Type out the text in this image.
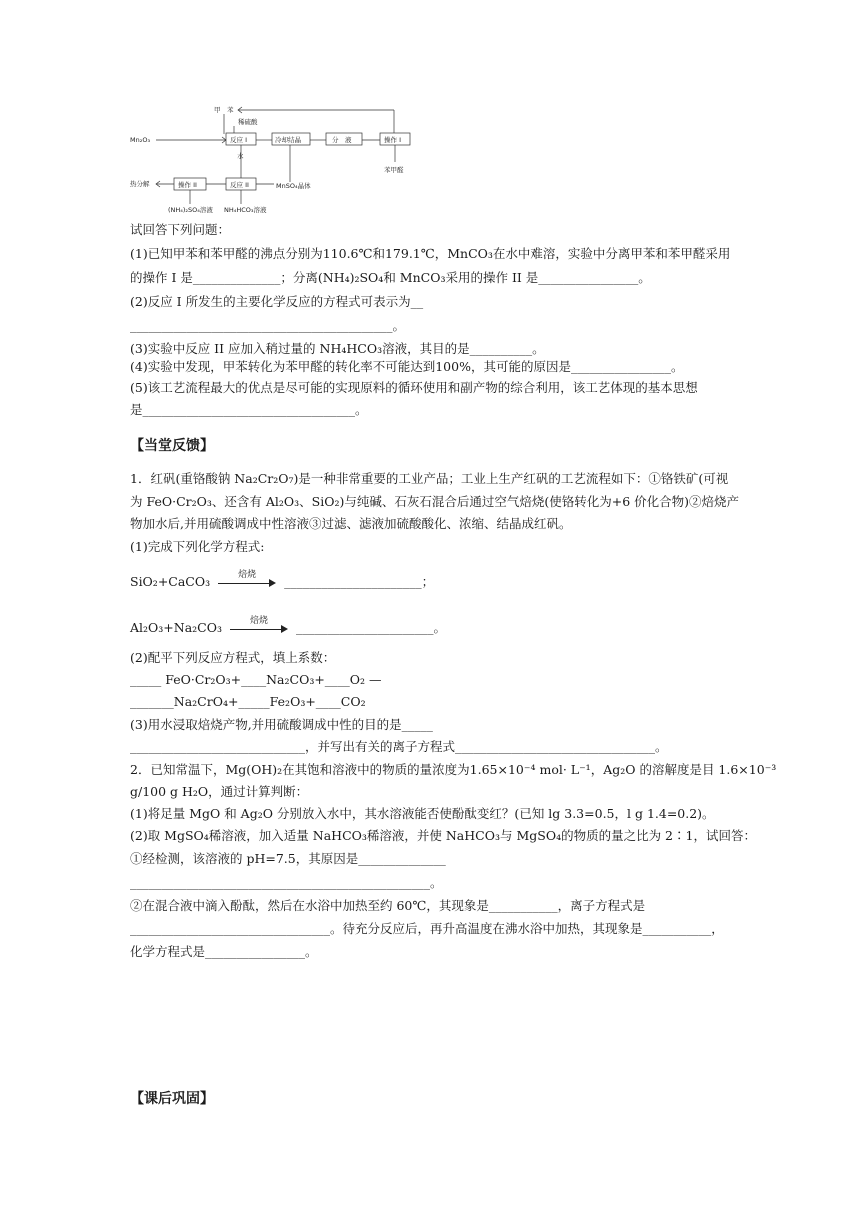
甲　苯
稀硫酸
Mn₂O₃	反应 I	冷却结晶	分　液	操作 I
苯甲醛
水
MnSO₄晶体
热分解	操作 II	反应 II
(NH₄)₂SO₄溶液 NH₄HCO₃溶液
试回答下列问题：
(1)已知甲苯和苯甲醛的沸点分别为110.6℃和179.1℃，MnCO₃在水中难溶，实验中分离甲苯和苯甲醛采用
的操作 I 是______________；分离(NH₄)₂SO₄和 MnCO₃采用的操作 II 是________________。
(2)反应 I 所发生的主要化学反应的方程式可表示为__
__________________________________________。
(3)实验中反应 II 应加入稍过量的 NH₄HCO₃溶液，其目的是__________。
(4)实验中发现，甲苯转化为苯甲醛的转化率不可能达到100%，其可能的原因是________________。
(5)该工艺流程最大的优点是尽可能的实现原料的循环使用和副产物的综合利用，该工艺体现的基本思想
是__________________________________。
【当堂反馈】
1．红矾(重铬酸钠 Na₂Cr₂O₇)是一种非常重要的工业产品；工业上生产红矾的工艺流程如下：①铬铁矿(可视
为 FeO·Cr₂O₃、还含有 Al₂O₃、SiO₂)与纯碱、石灰石混合后通过空气焙烧(使铬转化为+6 价化合物)②焙烧产
物加水后,并用硫酸调成中性溶液③过滤、滤液加硫酸酸化、浓缩、结晶成红矾。
(1)完成下列化学方程式:
SiO₂+CaCO₃	焙烧	______________________；
Al₂O₃+Na₂CO₃	焙烧	______________________。
(2)配平下列反应方程式，填上系数：
_____ FeO·Cr₂O₃+____Na₂CO₃+____O₂ —
_______Na₂CrO₄+_____Fe₂O₃+____CO₂
(3)用水浸取焙烧产物,并用硫酸调成中性的目的是_____
____________________________，并写出有关的离子方程式________________________________。
2．已知常温下，Mg(OH)₂在其饱和溶液中的物质的量浓度为1.65×10⁻⁴ mol· L⁻¹，Ag₂O 的溶解度是目 1.6×10⁻³
g/100 g H₂O，通过计算判断：
(1)将足量 MgO 和 Ag₂O 分别放入水中，其水溶液能否使酚酞变红？(已知 lg 3.3=0.5，l g 1.4=0.2)。
(2)取 MgSO₄稀溶液，加入适量 NaHCO₃稀溶液，并使 NaHCO₃与 MgSO₄的物质的量之比为 2∶1，试回答：
①经检测，该溶液的 pH=7.5，其原因是______________
________________________________________________。
②在混合液中滴入酚酞，然后在水浴中加热至约 60℃，其现象是___________，离子方程式是
________________________________。待充分反应后，再升高温度在沸水浴中加热，其现象是___________，
化学方程式是________________。
【课后巩固】
